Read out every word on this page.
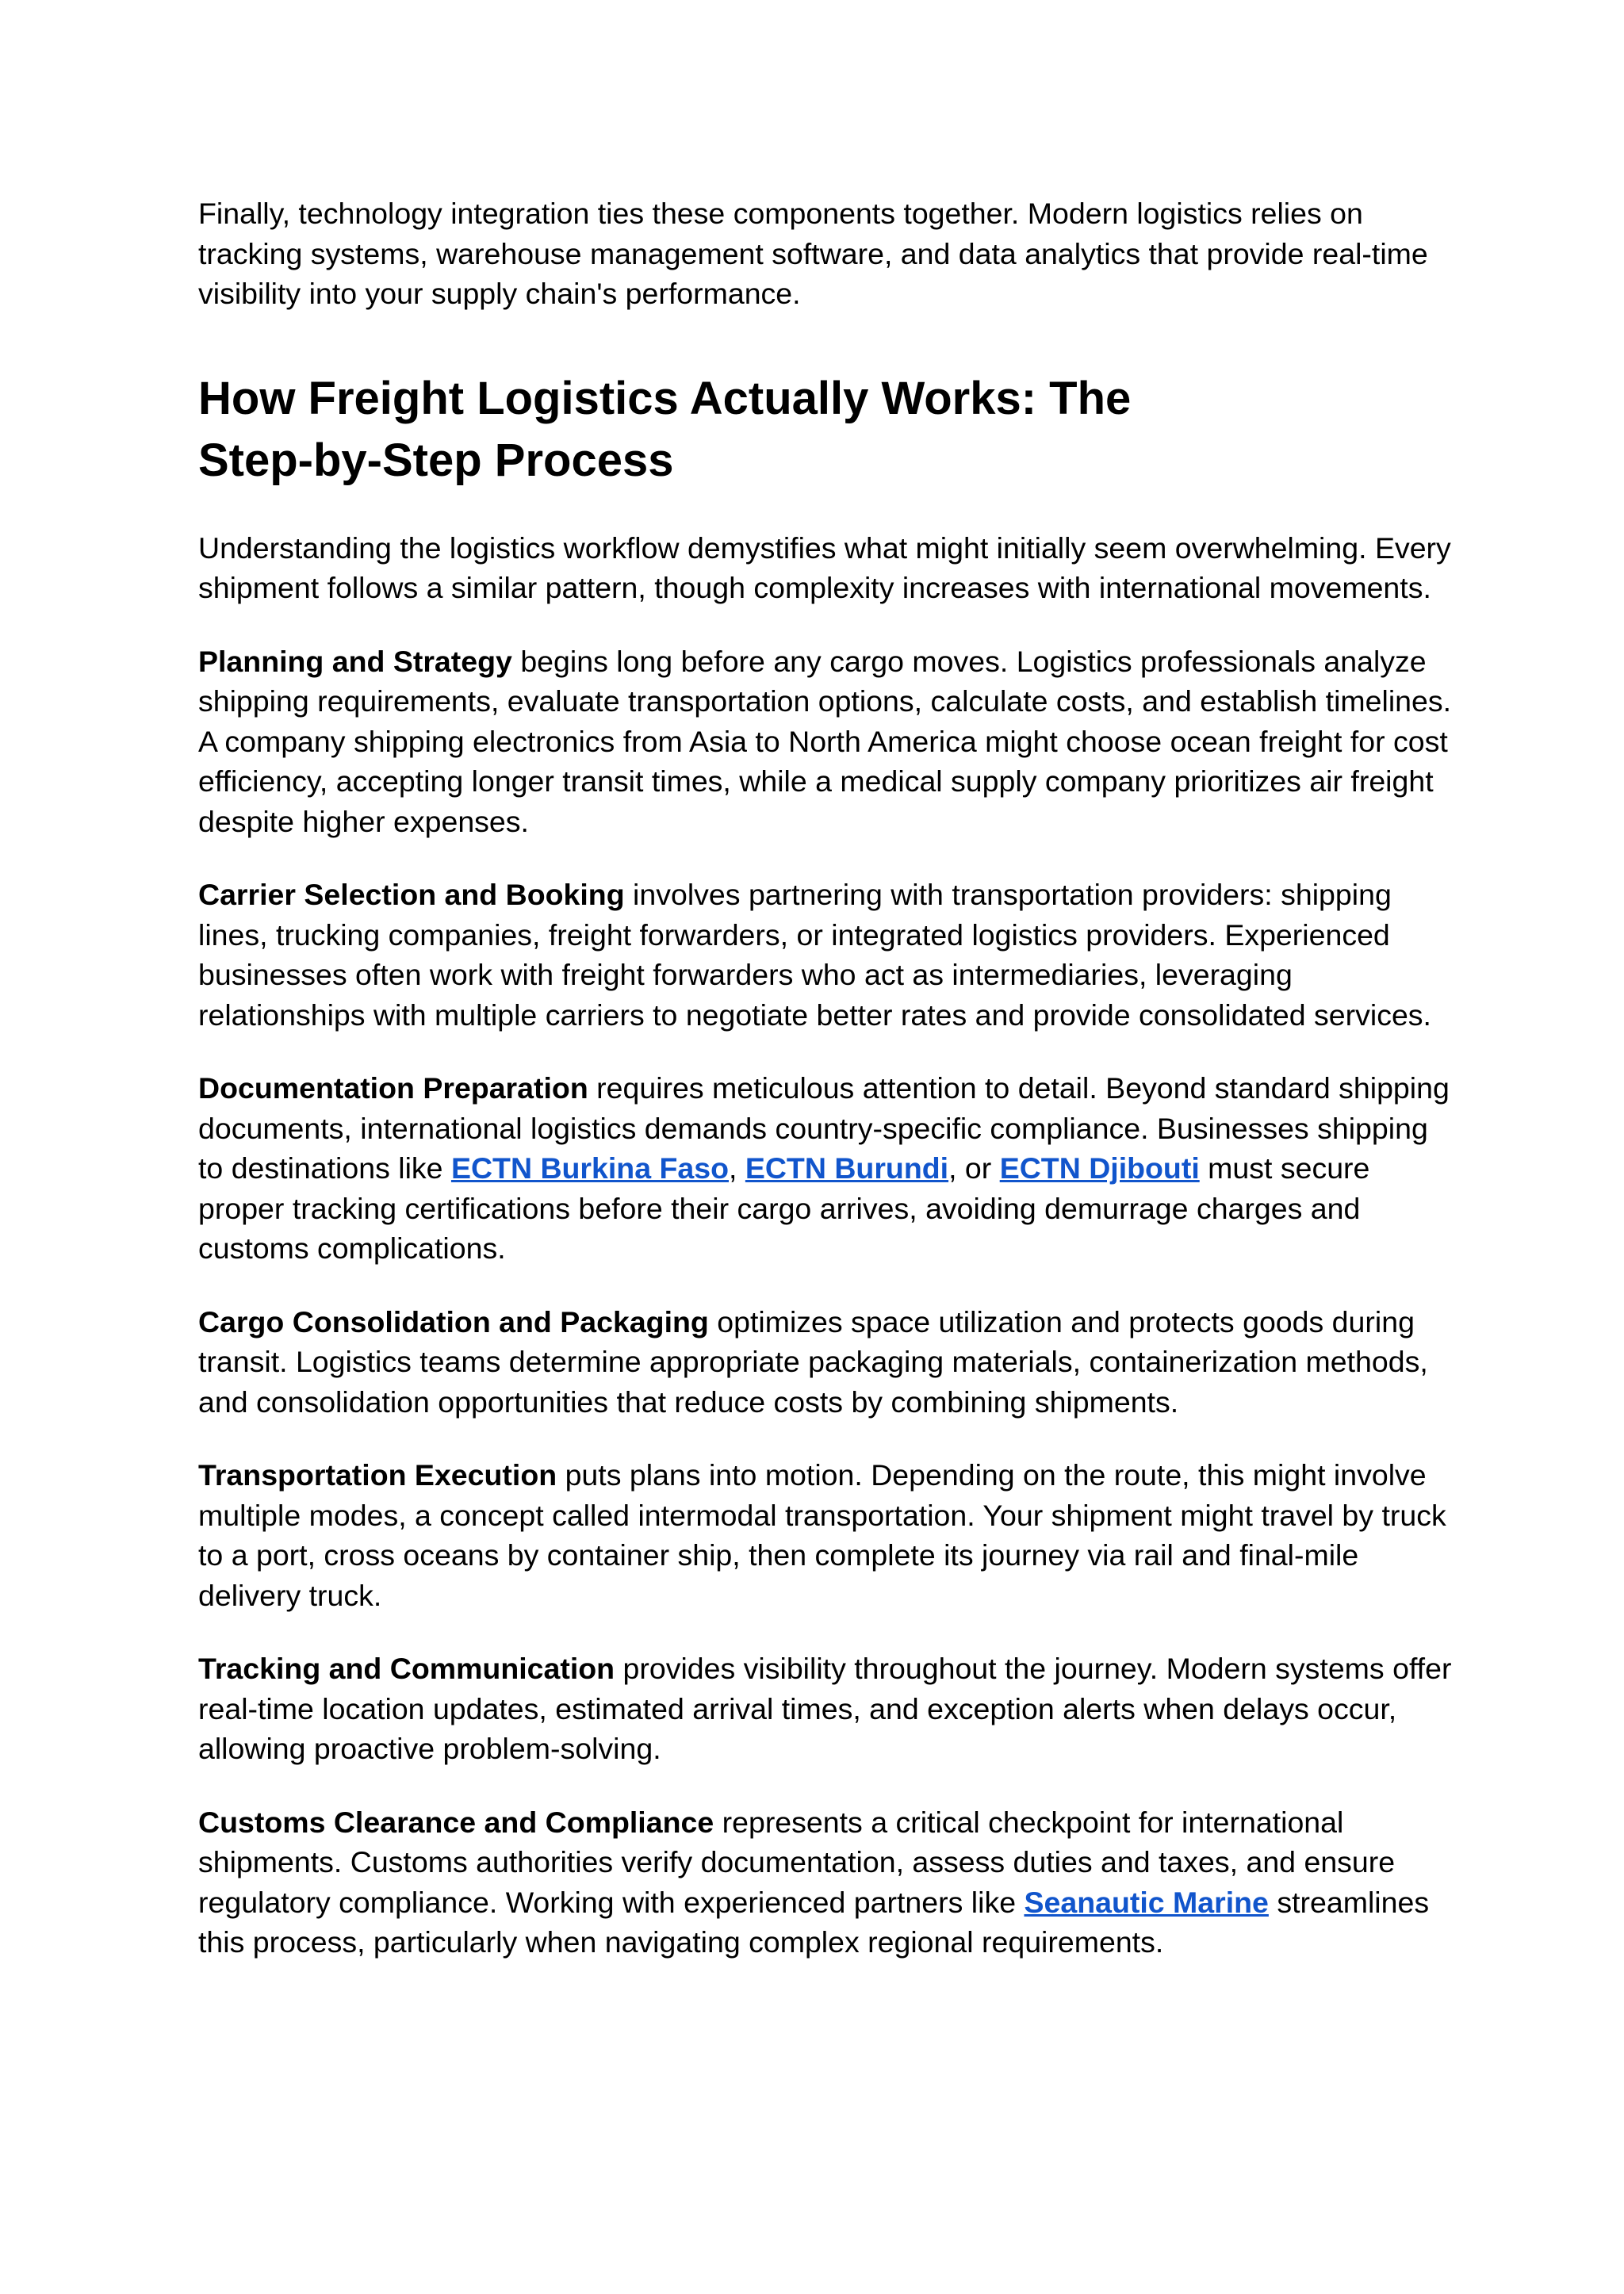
Finally, technology integration ties these components together. Modern logistics relies on tracking systems, warehouse management software, and data analytics that provide real-time visibility into your supply chain's performance.

How Freight Logistics Actually Works: The Step-by-Step Process

Understanding the logistics workflow demystifies what might initially seem overwhelming. Every shipment follows a similar pattern, though complexity increases with international movements.

Planning and Strategy begins long before any cargo moves. Logistics professionals analyze shipping requirements, evaluate transportation options, calculate costs, and establish timelines. A company shipping electronics from Asia to North America might choose ocean freight for cost efficiency, accepting longer transit times, while a medical supply company prioritizes air freight despite higher expenses.

Carrier Selection and Booking involves partnering with transportation providers: shipping lines, trucking companies, freight forwarders, or integrated logistics providers. Experienced businesses often work with freight forwarders who act as intermediaries, leveraging relationships with multiple carriers to negotiate better rates and provide consolidated services.

Documentation Preparation requires meticulous attention to detail. Beyond standard shipping documents, international logistics demands country-specific compliance. Businesses shipping to destinations like ECTN Burkina Faso, ECTN Burundi, or ECTN Djibouti must secure proper tracking certifications before their cargo arrives, avoiding demurrage charges and customs complications.

Cargo Consolidation and Packaging optimizes space utilization and protects goods during transit. Logistics teams determine appropriate packaging materials, containerization methods, and consolidation opportunities that reduce costs by combining shipments.

Transportation Execution puts plans into motion. Depending on the route, this might involve multiple modes, a concept called intermodal transportation. Your shipment might travel by truck to a port, cross oceans by container ship, then complete its journey via rail and final-mile delivery truck.

Tracking and Communication provides visibility throughout the journey. Modern systems offer real-time location updates, estimated arrival times, and exception alerts when delays occur, allowing proactive problem-solving.

Customs Clearance and Compliance represents a critical checkpoint for international shipments. Customs authorities verify documentation, assess duties and taxes, and ensure regulatory compliance. Working with experienced partners like Seanautic Marine streamlines this process, particularly when navigating complex regional requirements.
